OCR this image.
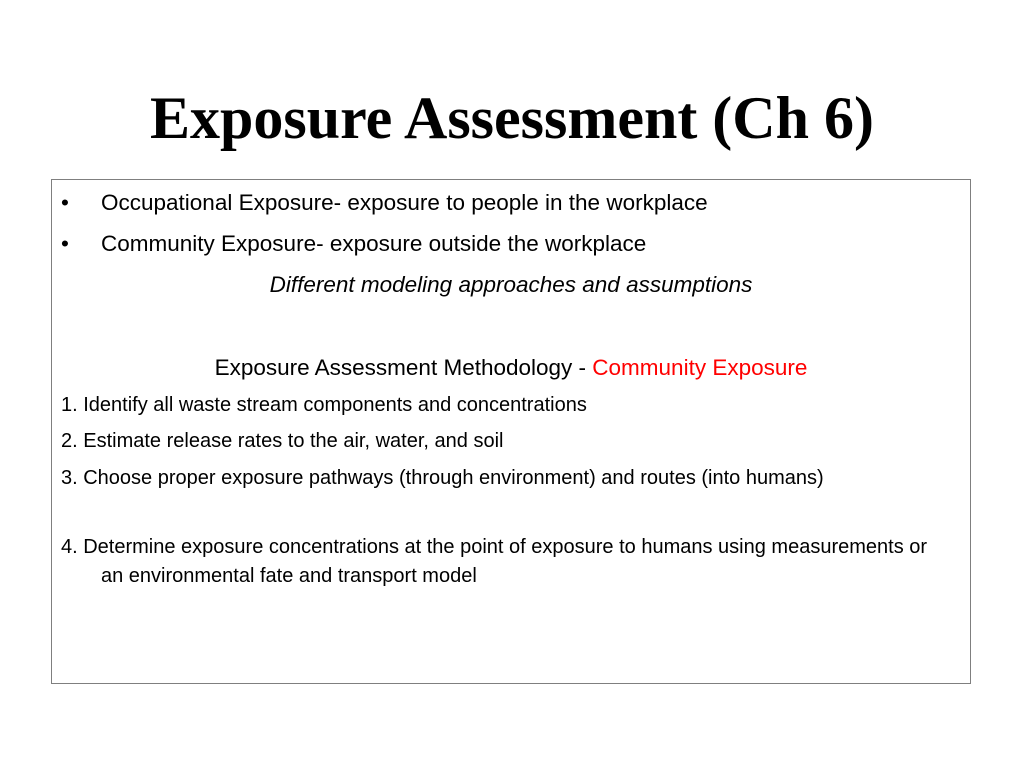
Exposure Assessment (Ch 6)
• Occupational Exposure- exposure to people in the workplace
• Community Exposure- exposure outside the workplace
Different modeling approaches and assumptions
Exposure Assessment Methodology - Community Exposure
1. Identify all waste stream components and concentrations
2. Estimate release rates to the air, water, and soil
3. Choose proper exposure pathways (through environment) and routes (into humans)
4. Determine exposure concentrations at the point of exposure to humans using measurements or an environmental fate and transport model
